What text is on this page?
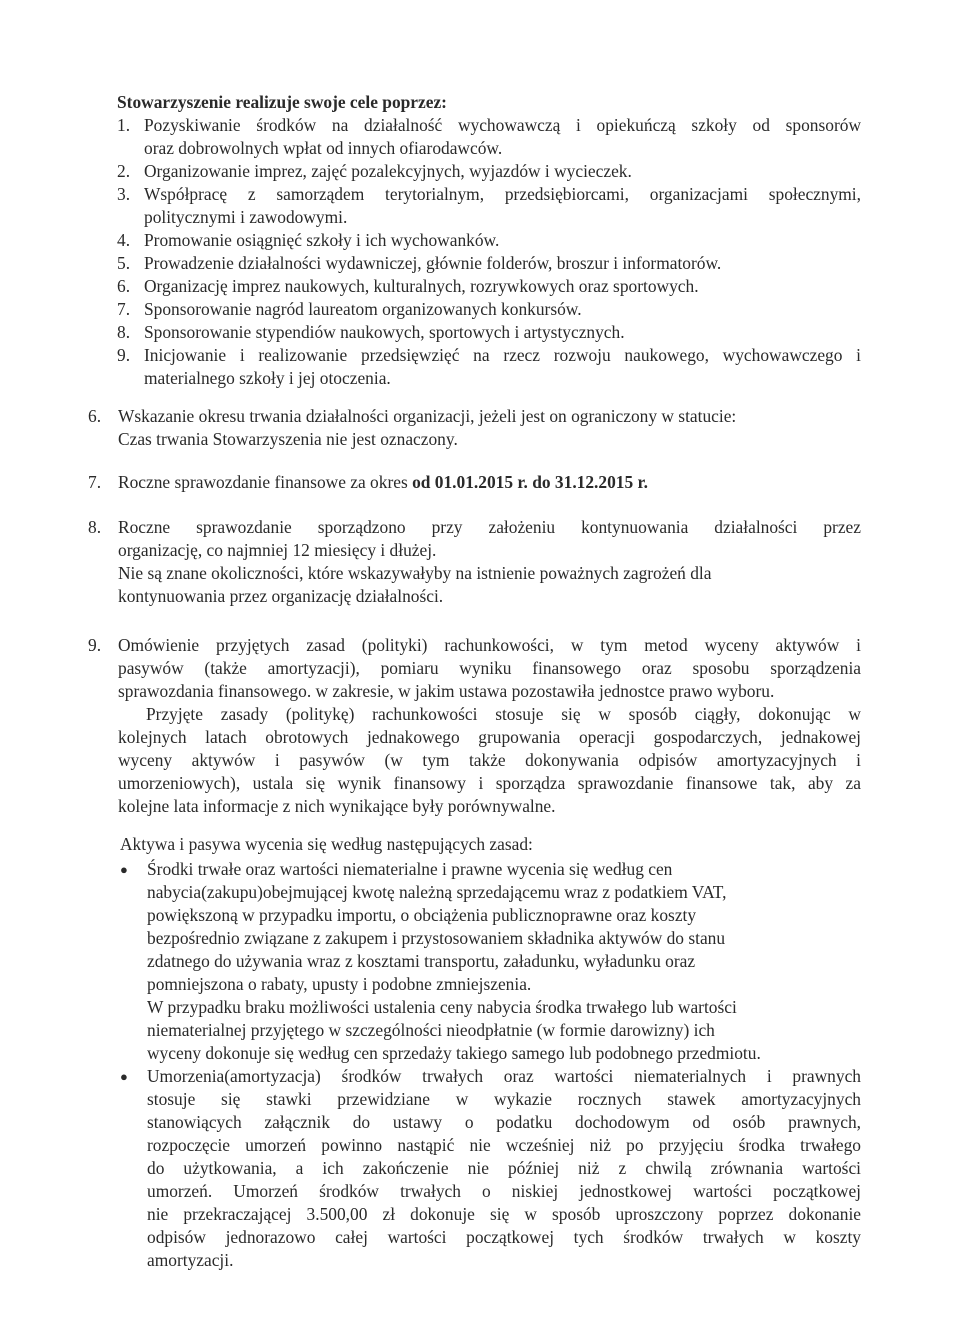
Stowarzyszenie realizuje swoje cele poprzez:
1. Pozyskiwanie środków na działalność wychowawczą i opiekuńczą szkoły od sponsorów
oraz dobrowolnych wpłat od innych ofiarodawców.
2. Organizowanie imprez, zajęć pozalekcyjnych, wyjazdów i wycieczek.
3. Współpracę z samorządem terytorialnym, przedsiębiorcami, organizacjami społecznymi,
politycznymi i zawodowymi.
4. Promowanie osiągnięć szkoły i ich wychowanków.
5. Prowadzenie działalności wydawniczej, głównie folderów, broszur i informatorów.
6. Organizację imprez naukowych, kulturalnych, rozrywkowych oraz sportowych.
7. Sponsorowanie nagród laureatom organizowanych konkursów.
8. Sponsorowanie stypendiów naukowych, sportowych i artystycznych.
9. Inicjowanie i realizowanie przedsięwzięć na rzecz rozwoju naukowego, wychowawczego i
materialnego szkoły i jej otoczenia.
6. Wskazanie okresu trwania działalności organizacji, jeżeli jest on ograniczony w statucie:
Czas trwania Stowarzyszenia nie jest oznaczony.
7. Roczne sprawozdanie finansowe za okres od 01.01.2015 r. do 31.12.2015 r.
8. Roczne sprawozdanie sporządzono przy założeniu kontynuowania działalności przez
organizację, co najmniej 12 miesięcy i dłużej.
Nie są znane okoliczności, które wskazywałyby na istnienie poważnych zagrożeń dla
kontynuowania przez organizację działalności.
9. Omówienie przyjętych zasad (polityki) rachunkowości, w tym metod wyceny aktywów i
pasywów (także amortyzacji), pomiaru wyniku finansowego oraz sposobu sporządzenia
sprawozdania finansowego. w zakresie, w jakim ustawa pozostawiła jednostce prawo wyboru.
Przyjęte zasady (politykę) rachunkowości stosuje się w sposób ciągły, dokonując w
kolejnych latach obrotowych jednakowego grupowania operacji gospodarczych, jednakowej
wyceny aktywów i pasywów (w tym także dokonywania odpisów amortyzacyjnych i
umorzeniowych), ustala się wynik finansowy i sporządza sprawozdanie finansowe tak, aby za
kolejne lata informacje z nich wynikające były porównywalne.
Aktywa i pasywa wycenia się według następujących zasad:
●	Środki trwałe oraz wartości niematerialne i prawne wycenia się według cen
nabycia(zakupu)obejmującej kwotę należną sprzedającemu wraz z podatkiem VAT,
powiększoną w przypadku importu, o obciążenia publicznoprawne oraz koszty
bezpośrednio związane z zakupem i przystosowaniem składnika aktywów do stanu
zdatnego do używania wraz z kosztami transportu, załadunku, wyładunku oraz
pomniejszona o rabaty, upusty i podobne zmniejszenia.
W przypadku braku możliwości ustalenia ceny nabycia środka trwałego lub wartości
niematerialnej przyjętego w szczególności nieodpłatnie (w formie darowizny) ich
wyceny dokonuje się według cen sprzedaży takiego samego lub podobnego przedmiotu.
●	Umorzenia(amortyzacja) środków trwałych oraz wartości niematerialnych i prawnych
stosuje się stawki przewidziane w wykazie rocznych stawek amortyzacyjnych
stanowiących załącznik do ustawy o podatku dochodowym od osób prawnych,
rozpoczęcie umorzeń powinno nastąpić nie wcześniej niż po przyjęciu środka trwałego
do użytkowania, a ich zakończenie nie później niż z chwilą zrównania wartości
umorzeń. Umorzeń środków trwałych o niskiej jednostkowej wartości początkowej
nie przekraczającej 3.500,00 zł dokonuje się w sposób uproszczony poprzez dokonanie
odpisów jednorazowo całej wartości początkowej tych środków trwałych w koszty
amortyzacji.
